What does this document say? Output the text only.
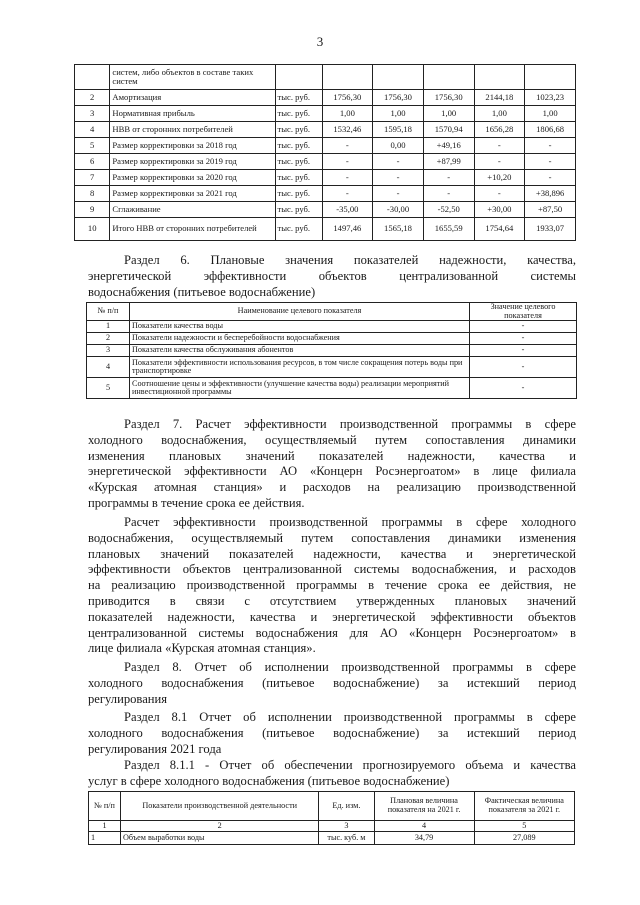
3
	систем, либо объектов в составе таких систем						
2	Амортизация	тыс. руб.	1756,30	1756,30	1756,30	2144,18	1023,23
3	Нормативная прибыль	тыс. руб.	1,00	1,00	1,00	1,00	1,00
4	НВВ от сторонних потребителей	тыс. руб.	1532,46	1595,18	1570,94	1656,28	1806,68
5	Размер корректировки за 2018 год	тыс. руб.	-	0,00	+49,16	-	-
6	Размер корректировки за 2019 год	тыс. руб.	-	-	+87,99	-	-
7	Размер корректировки за 2020 год	тыс. руб.	-	-	-	+10,20	-
8	Размер корректировки за 2021 год	тыс. руб.	-	-	-	-	+38,896
9	Сглаживание	тыс. руб.	-35,00	-30,00	-52,50	+30,00	+87,50
10	Итого НВВ от сторонних потребителей	тыс. руб.	1497,46	1565,18	1655,59	1754,64	1933,07
Раздел 6. Плановые значения показателей надежности, качества,
энергетической эффективности объектов централизованной системы
водоснабжения (питьевое водоснабжение)
№ п/п	Наименование целевого показателя	Значение целевого показателя
1	Показатели качества воды	-
2	Показатели надежности и бесперебойности водоснабжения	-
3	Показатели качества обслуживания абонентов	-
4	Показатели эффективности использования ресурсов, в том числе сокращения потерь воды при транспортировке	-
5	Соотношение цены и эффективности (улучшение качества воды) реализации мероприятий инвестиционной программы	-
Раздел 7. Расчет эффективности производственной программы в сфере
холодного водоснабжения, осуществляемый путем сопоставления динамики
изменения плановых значений показателей надежности, качества и
энергетической эффективности АО «Концерн Росэнергоатом» в лице филиала
«Курская атомная станция» и расходов на реализацию производственной
программы в течение срока ее действия.
Расчет эффективности производственной программы в сфере холодного
водоснабжения, осуществляемый путем сопоставления динамики изменения
плановых значений показателей надежности, качества и энергетической
эффективности объектов централизованной системы водоснабжения, и расходов
на реализацию производственной программы в течение срока ее действия, не
приводится в связи с отсутствием утвержденных плановых значений
показателей надежности, качества и энергетической эффективности объектов
централизованной системы водоснабжения для АО «Концерн Росэнергоатом» в
лице филиала «Курская атомная станция».
Раздел 8. Отчет об исполнении производственной программы в сфере
холодного водоснабжения (питьевое водоснабжение) за истекший период
регулирования
Раздел 8.1 Отчет об исполнении производственной программы в сфере
холодного водоснабжения (питьевое водоснабжение) за истекший период
регулирования 2021 года
Раздел 8.1.1 - Отчет об обеспечении прогнозируемого объема и качества
услуг в сфере холодного водоснабжения (питьевое водоснабжение)
№ п/п	Показатели производственной деятельности	Ед. изм.	Плановая величина показателя на 2021 г.	Фактическая величина показателя за 2021 г.
1	2	3	4	5
1	Объем выработки воды	тыс. куб. м	34,79	27,089
